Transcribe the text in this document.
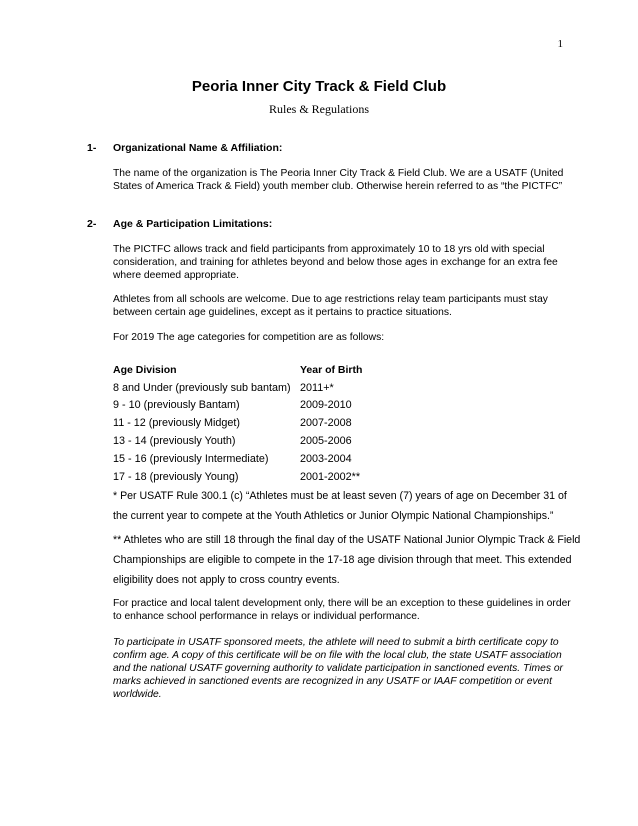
1
Peoria Inner City Track & Field Club
Rules & Regulations
1- Organizational Name & Affiliation:
The name of the organization is The Peoria Inner City Track & Field Club. We are a USATF (United States of America Track & Field) youth member club. Otherwise herein referred to as “the PICTFC”
2- Age & Participation Limitations:
The PICTFC allows track and field participants from approximately 10 to 18 yrs old with special consideration, and training for athletes beyond and below those ages in exchange for an extra fee where deemed appropriate.
Athletes from all schools are welcome. Due to age restrictions relay team participants must stay between certain age guidelines, except as it pertains to practice situations.
For 2019 The age categories for competition are as follows:
Age Division	Year of Birth
8 and Under (previously sub bantam) 2011+*
9 - 10 (previously Bantam)	2009-2010
11 - 12 (previously Midget)	2007-2008
13 - 14 (previously Youth)	2005-2006
15 - 16 (previously Intermediate)	2003-2004
17 - 18 (previously Young)	2001-2002**
* Per USATF Rule 300.1 (c) “Athletes must be at least seven (7) years of age on December 31 of the current year to compete at the Youth Athletics or Junior Olympic National Championships.”
** Athletes who are still 18 through the final day of the USATF National Junior Olympic Track & Field Championships are eligible to compete in the 17-18 age division through that meet. This extended eligibility does not apply to cross country events.
For practice and local talent development only, there will be an exception to these guidelines in order to enhance school performance in relays or individual performance.
To participate in USATF sponsored meets, the athlete will need to submit a birth certificate copy to confirm age. A copy of this certificate will be on file with the local club, the state USATF association and the national USATF governing authority to validate participation in sanctioned events. Times or marks achieved in sanctioned events are recognized in any USATF or IAAF competition or event worldwide.
